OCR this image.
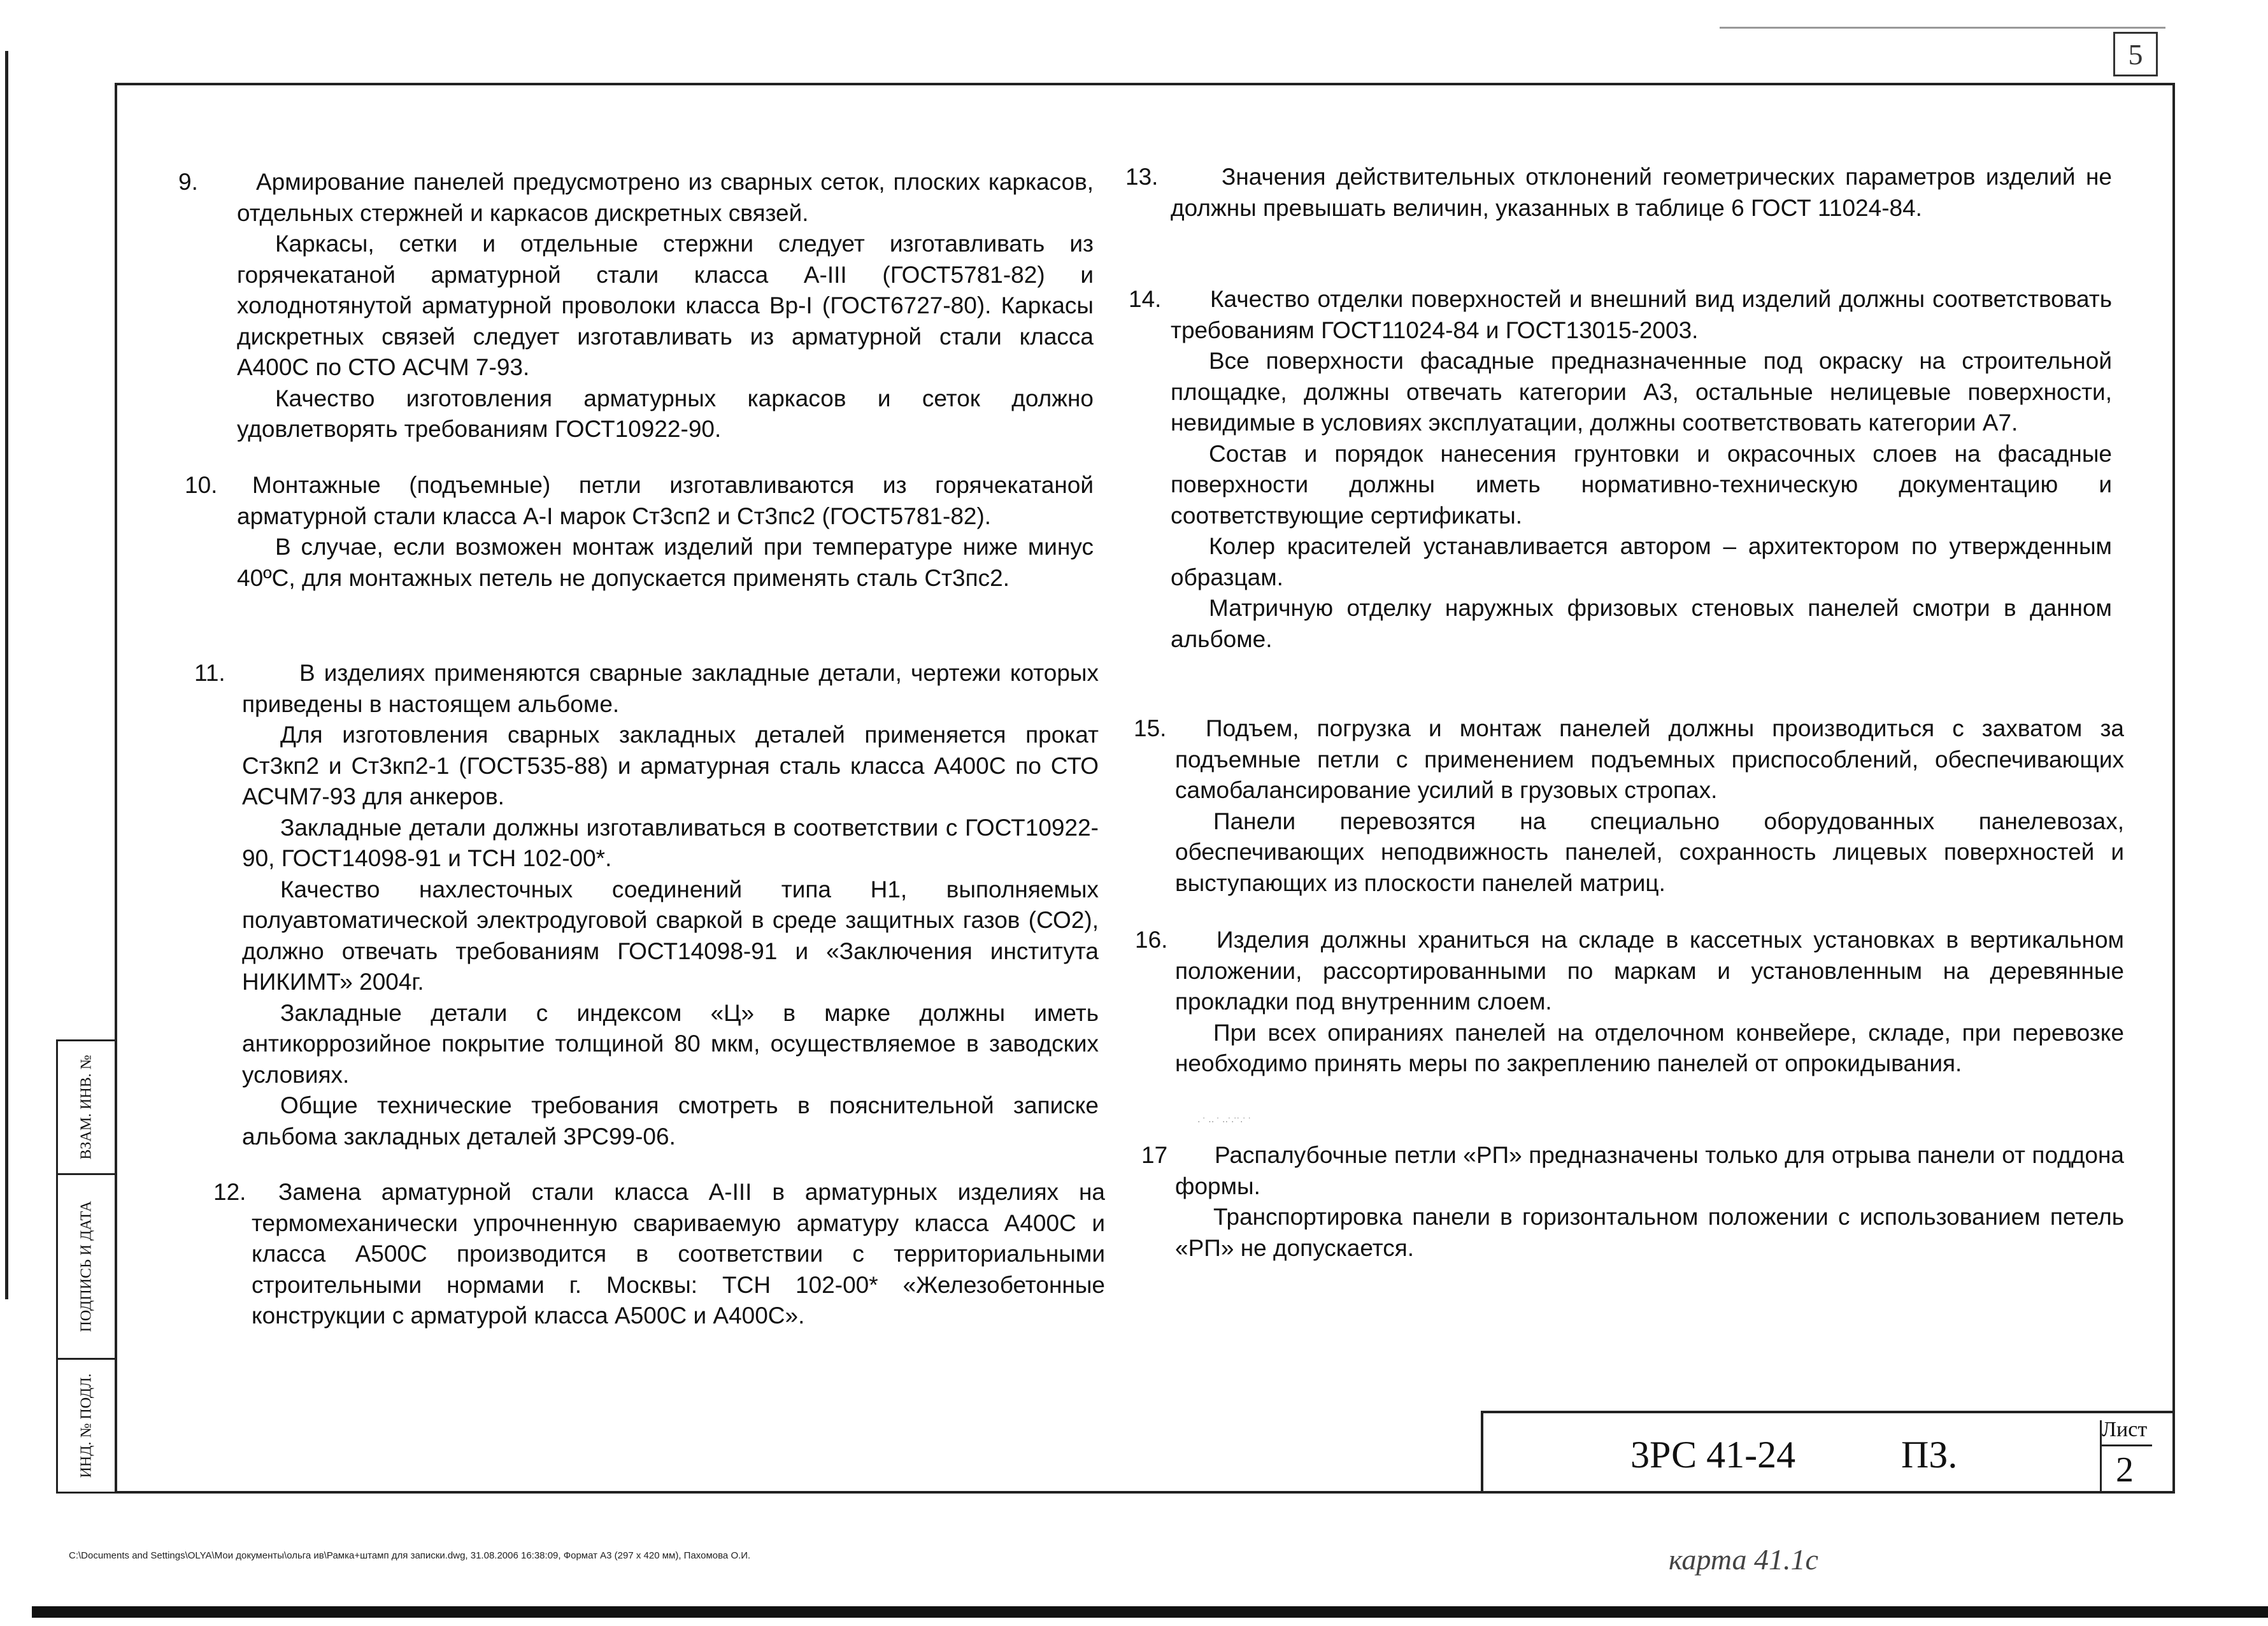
5
9.	Армирование панелей предусмотрено из сварных сеток, плоских каркасов, отдельных стержней и каркасов дискретных связей.

Каркасы, сетки и отдельные стержни следует изготавливать из горячекатаной арматурной стали класса А-III (ГОСТ5781-82) и холоднотянутой арматурной проволоки класса Вр-I (ГОСТ6727-80). Каркасы дискретных связей следует изготавливать из арматурной стали класса А400С по СТО АСЧМ 7-93.

Качество изготовления арматурных каркасов и сеток должно удовлетворять требованиям ГОСТ10922-90.

10.	Монтажные (подъемные) петли изготавливаются из горячекатаной арматурной стали класса А-I марок Ст3сп2 и Ст3пс2 (ГОСТ5781-82).

В случае, если возможен монтаж изделий при температуре ниже минус 40ºС, для монтажных петель не допускается применять сталь Ст3пс2.

11.	В изделиях применяются сварные закладные детали, чертежи которых приведены в настоящем альбоме.

Для изготовления сварных закладных деталей применяется прокат Ст3кп2 и Ст3кп2-1 (ГОСТ535-88) и арматурная сталь класса А400С по СТО АСЧМ7-93 для анкеров.

Закладные детали должны изготавливаться в соответствии с ГОСТ10922-90, ГОСТ14098-91 и ТСН 102-00*.

Качество нахлесточных соединений типа Н1, выполняемых полуавтоматической электродуговой сваркой в среде защитных газов (СО2), должно отвечать требованиям ГОСТ14098-91 и «Заключения института НИКИМТ» 2004г.

Закладные детали с индексом «Ц» в марке должны иметь антикоррозийное покрытие толщиной 80 мкм, осуществляемое в заводских условиях.

Общие технические требования смотреть в пояснительной записке альбома закладных деталей 3РС99-06.

12.	Замена арматурной стали класса А-III в арматурных изделиях на термомеханически упрочненную свариваемую арматуру класса А400С и класса А500С производится в соответствии с территориальными строительными нормами г. Москвы: ТСН 102-00* «Железобетонные конструкции с арматурой класса А500С и А400С».

13.	Значения действительных отклонений геометрических параметров изделий не должны превышать величин, указанных в таблице 6 ГОСТ 11024-84.

14.	Качество отделки поверхностей и внешний вид изделий должны соответствовать требованиям ГОСТ11024-84 и ГОСТ13015-2003.

Все поверхности фасадные предназначенные под окраску на строительной площадке, должны отвечать категории А3, остальные нелицевые поверхности, невидимые в условиях эксплуатации, должны соответствовать категории А7.

Состав и порядок нанесения грунтовки и окрасочных слоев на фасадные поверхности должны иметь нормативно-техническую документацию и соответствующие сертификаты.

Колер красителей устанавливается автором – архитектором по утвержденным образцам.

Матричную отделку наружных фризовых стеновых панелей смотри в данном альбоме.

15.	Подъем, погрузка и монтаж панелей должны производиться с захватом за подъемные петли с применением подъемных приспособлений, обеспечивающих самобалансирование усилий в грузовых стропах.

Панели перевозятся на специально оборудованных панелевозах, обеспечивающих неподвижность панелей, сохранность лицевых поверхностей и выступающих из плоскости панелей матриц.

16.	Изделия должны храниться на складе в кассетных установках в вертикальном положении, рассортированными по маркам и установленным на деревянные прокладки под внутренним слоем.

При всех опираниях панелей на отделочном конвейере, складе, при перевозке необходимо принять меры по закреплению панелей от опрокидывания.

· ˙ ·· ˙ ··˙·˙˙·˙ ˙
17	Распалубочные петли «РП» предназначены только для отрыва панели от поддона формы.

Транспортировка панели в горизонтальном положении с использованием петель «РП» не допускается.

ВЗАМ. ИНВ. №
ПОДПИСЬ И ДАТА
ИНД. № ПОДЛ.	3РС 41-24	ПЗ.
Лист
2
C:\Documents and Settings\OLYA\Мои документы\ольга ив\Рамка+штамп для записки.dwg, 31.08.2006 16:38:09, Формат А3 (297 х 420 мм), Пахомова О.И.	карта 41.1с
